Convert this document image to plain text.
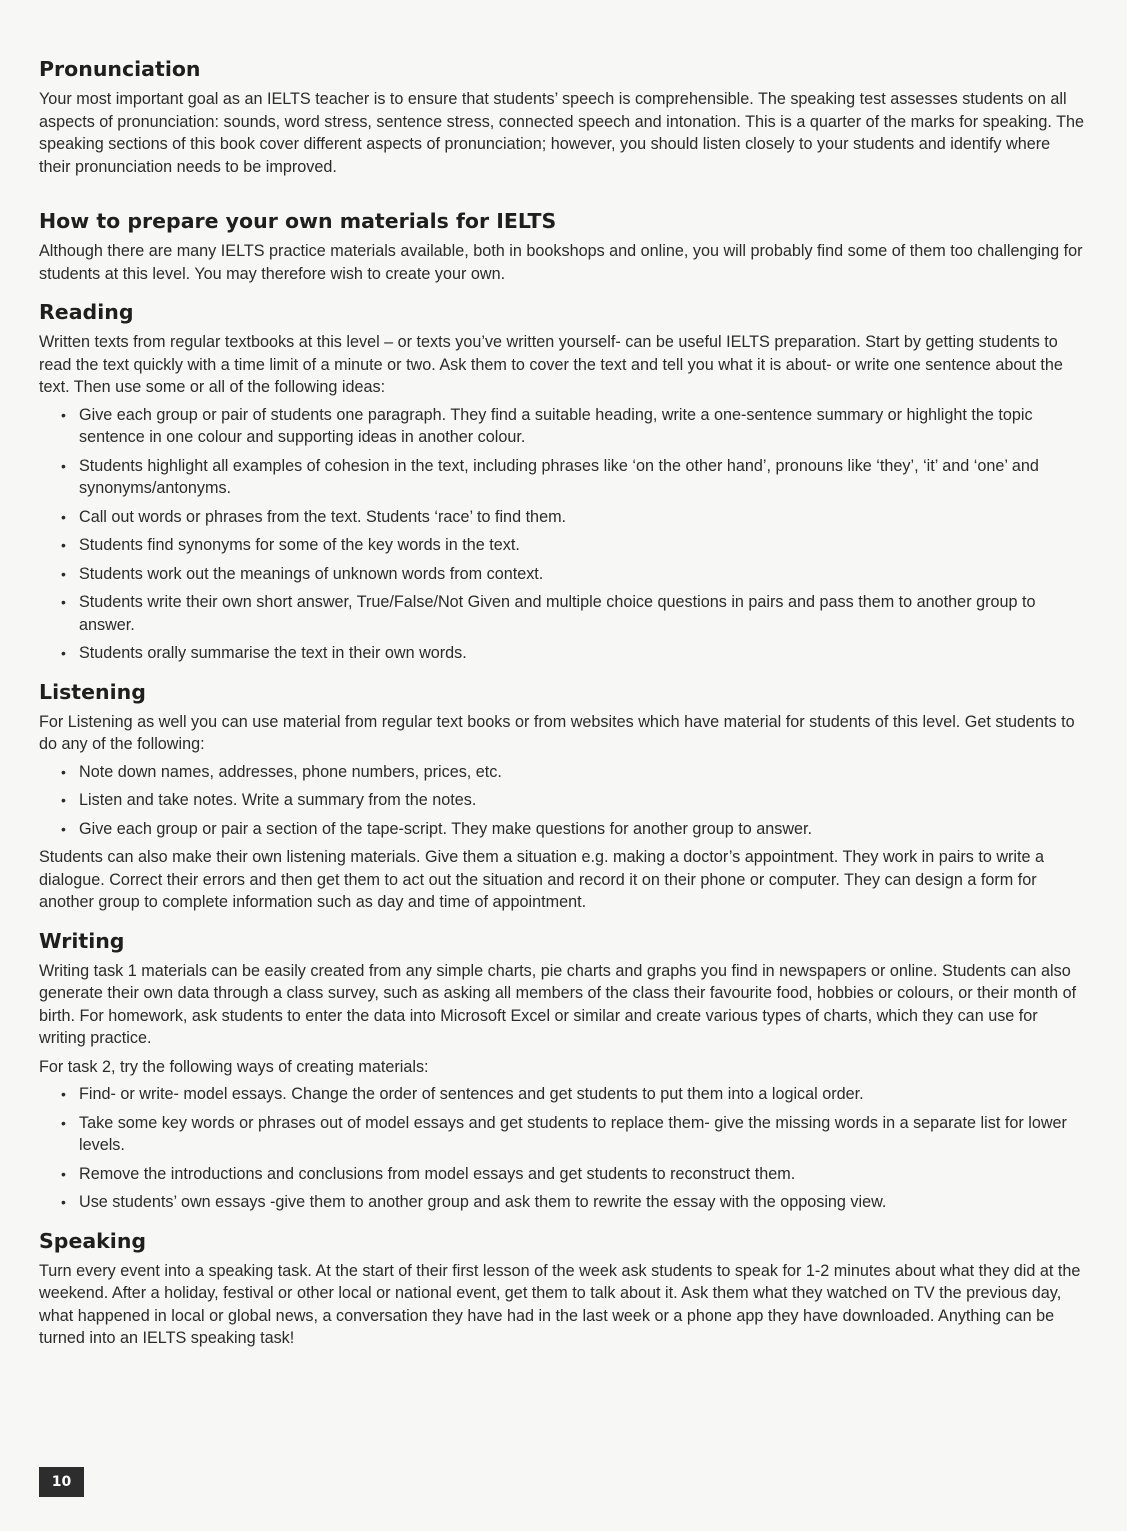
Pronunciation

Your most important goal as an IELTS teacher is to ensure that students’ speech is comprehensible. The speaking test assesses students on all aspects of pronunciation: sounds, word stress, sentence stress, connected speech and intonation. This is a quarter of the marks for speaking. The speaking sections of this book cover different aspects of pronunciation; however, you should listen closely to your students and identify where their pronunciation needs to be improved.

How to prepare your own materials for IELTS

Although there are many IELTS practice materials available, both in bookshops and online, you will probably find some of them too challenging for students at this level. You may therefore wish to create your own.

Reading

Written texts from regular textbooks at this level – or texts you’ve written yourself- can be useful IELTS preparation. Start by getting students to read the text quickly with a time limit of a minute or two. Ask them to cover the text and tell you what it is about- or write one sentence about the text. Then use some or all of the following ideas:

• Give each group or pair of students one paragraph. They find a suitable heading, write a one-sentence summary or highlight the topic sentence in one colour and supporting ideas in another colour.
• Students highlight all examples of cohesion in the text, including phrases like ‘on the other hand’, pronouns like ‘they’, ‘it’ and ‘one’ and synonyms/antonyms.
• Call out words or phrases from the text. Students ‘race’ to find them.
• Students find synonyms for some of the key words in the text.
• Students work out the meanings of unknown words from context.
• Students write their own short answer, True/False/Not Given and multiple choice questions in pairs and pass them to another group to answer.
• Students orally summarise the text in their own words.
Listening

For Listening as well you can use material from regular text books or from websites which have material for students of this level. Get students to do any of the following:

• Note down names, addresses, phone numbers, prices, etc.
• Listen and take notes. Write a summary from the notes.
• Give each group or pair a section of the tape-script. They make questions for another group to answer.

Students can also make their own listening materials. Give them a situation e.g. making a doctor’s appointment. They work in pairs to write a dialogue. Correct their errors and then get them to act out the situation and record it on their phone or computer. They can design a form for another group to complete information such as day and time of appointment.

Writing

Writing task 1 materials can be easily created from any simple charts, pie charts and graphs you find in newspapers or online. Students can also generate their own data through a class survey, such as asking all members of the class their favourite food, hobbies or colours, or their month of birth. For homework, ask students to enter the data into Microsoft Excel or similar and create various types of charts, which they can use for writing practice.

For task 2, try the following ways of creating materials:

• Find- or write- model essays. Change the order of sentences and get students to put them into a logical order.
• Take some key words or phrases out of model essays and get students to replace them- give the missing words in a separate list for lower levels.
• Remove the introductions and conclusions from model essays and get students to reconstruct them.
• Use students’ own essays -give them to another group and ask them to rewrite the essay with the opposing view.
Speaking

Turn every event into a speaking task. At the start of their first lesson of the week ask students to speak for 1-2 minutes about what they did at the weekend. After a holiday, festival or other local or national event, get them to talk about it. Ask them what they watched on TV the previous day, what happened in local or global news, a conversation they have had in the last week or a phone app they have downloaded. Anything can be turned into an IELTS speaking task!

10
